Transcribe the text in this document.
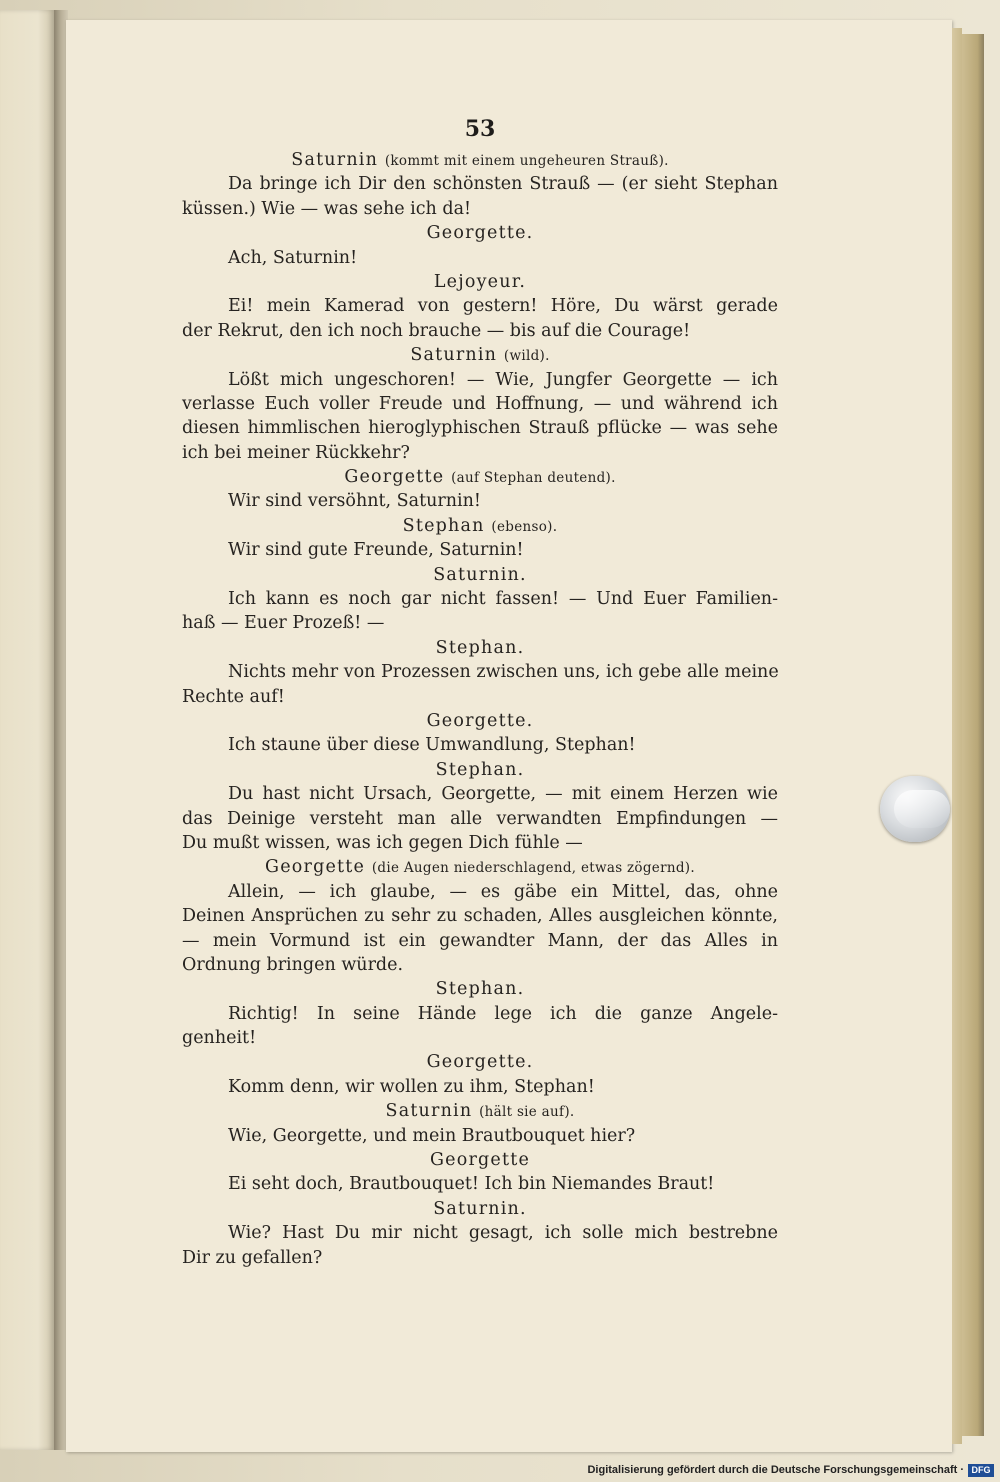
53
Saturnin (kommt mit einem ungeheuren Strauß).
Da bringe ich Dir den schönsten Strauß — (er sieht Stephan
küssen.) Wie — was sehe ich da!
Georgette.
Ach, Saturnin!
Lejoyeur.
Ei! mein Kamerad von gestern! Höre, Du wärst gerade
der Rekrut, den ich noch brauche — bis auf die Courage!
Saturnin (wild).
Lößt mich ungeschoren! — Wie, Jungfer Georgette — ich
verlasse Euch voller Freude und Hoffnung, — und während ich
diesen himmlischen hieroglyphischen Strauß pflücke — was sehe
ich bei meiner Rückkehr?
Georgette (auf Stephan deutend).
Wir sind versöhnt, Saturnin!
Stephan (ebenso).
Wir sind gute Freunde, Saturnin!
Saturnin.
Ich kann es noch gar nicht fassen! — Und Euer Familien-
haß — Euer Prozeß! —
Stephan.
Nichts mehr von Prozessen zwischen uns, ich gebe alle meine
Rechte auf!
Georgette.
Ich staune über diese Umwandlung, Stephan!
Stephan.
Du hast nicht Ursach, Georgette, — mit einem Herzen wie
das Deinige versteht man alle verwandten Empfindungen —
Du mußt wissen, was ich gegen Dich fühle —
Georgette (die Augen niederschlagend, etwas zögernd).
Allein, — ich glaube, — es gäbe ein Mittel, das, ohne
Deinen Ansprüchen zu sehr zu schaden, Alles ausgleichen könnte,
— mein Vormund ist ein gewandter Mann, der das Alles in
Ordnung bringen würde.
Stephan.
Richtig! In seine Hände lege ich die ganze Angele-
genheit!
Georgette.
Komm denn, wir wollen zu ihm, Stephan!
Saturnin (hält sie auf).
Wie, Georgette, und mein Brautbouquet hier?
Georgette
Ei seht doch, Brautbouquet! Ich bin Niemandes Braut!
Saturnin.
Wie? Hast Du mir nicht gesagt, ich solle mich bestrebne
Dir zu gefallen?
Digitalisierung gefördert durch die Deutsche Forschungsgemeinschaft · DFG
